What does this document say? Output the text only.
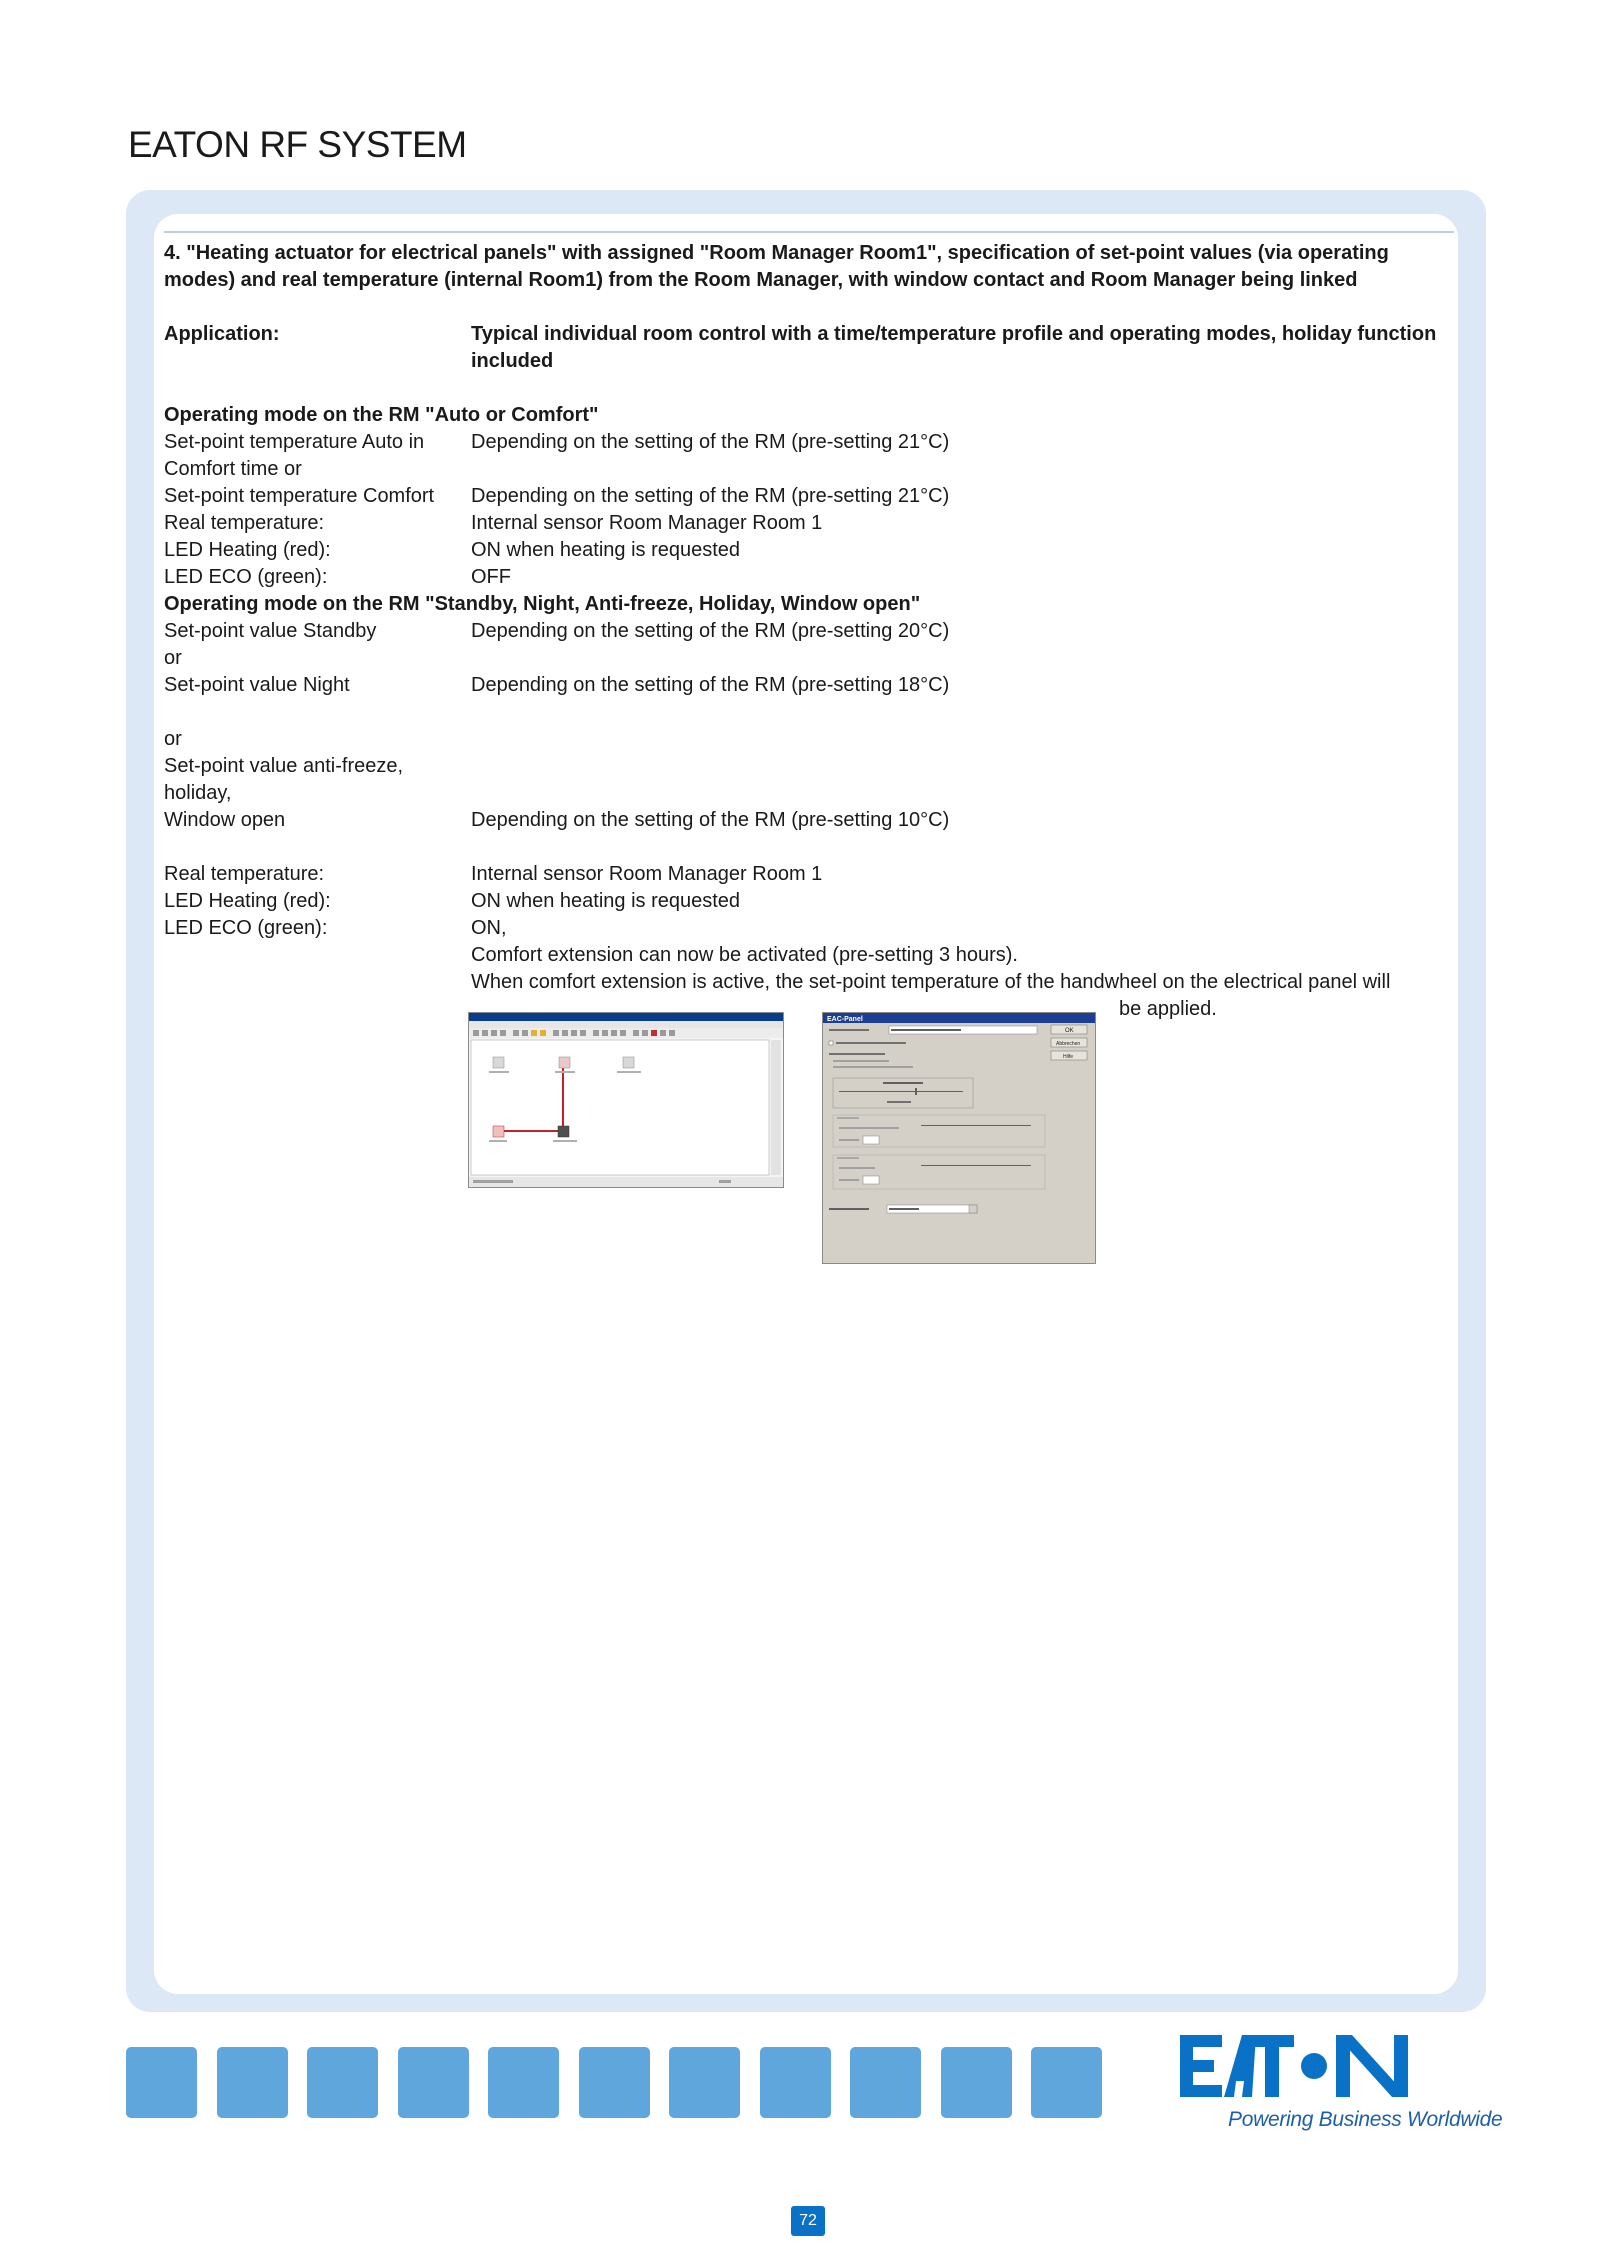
EATON RF SYSTEM

4. "Heating actuator for electrical panels" with assigned "Room Manager Room1", specification of set-point values (via operating modes) and real temperature (internal Room1) from the Room Manager, with window contact and Room Manager being linked

Application:	Typical individual room control with a time/temperature profile and operating modes, holiday function included
Operating mode on the RM "Auto or Comfort"
Set-point temperature Auto in	Depending on the setting of the RM (pre-setting 21°C)
Comfort time or
Set-point temperature Comfort	Depending on the setting of the RM (pre-setting 21°C)
Real temperature:	Internal sensor Room Manager Room 1
LED Heating (red):	ON when heating is requested
LED ECO (green):	OFF
Operating mode on the RM "Standby, Night, Anti-freeze, Holiday, Window open"
Set-point value Standby	Depending on the setting of the RM (pre-setting 20°C)
or
Set-point value Night	Depending on the setting of the RM (pre-setting 18°C)
or
Set-point value anti-freeze, holiday,
Window open	Depending on the setting of the RM (pre-setting 10°C)
Real temperature:	Internal sensor Room Manager Room 1
LED Heating (red):	ON when heating is requested
LED ECO (green):	ON,
Comfort extension can now be activated (pre-setting 3 hours).
When comfort extension is active, the set-point temperature of the handwheel on the electrical panel will
be applied.
EAC-Panel
OK
Abbrechen
Hilfe
Powering Business Worldwide
72
